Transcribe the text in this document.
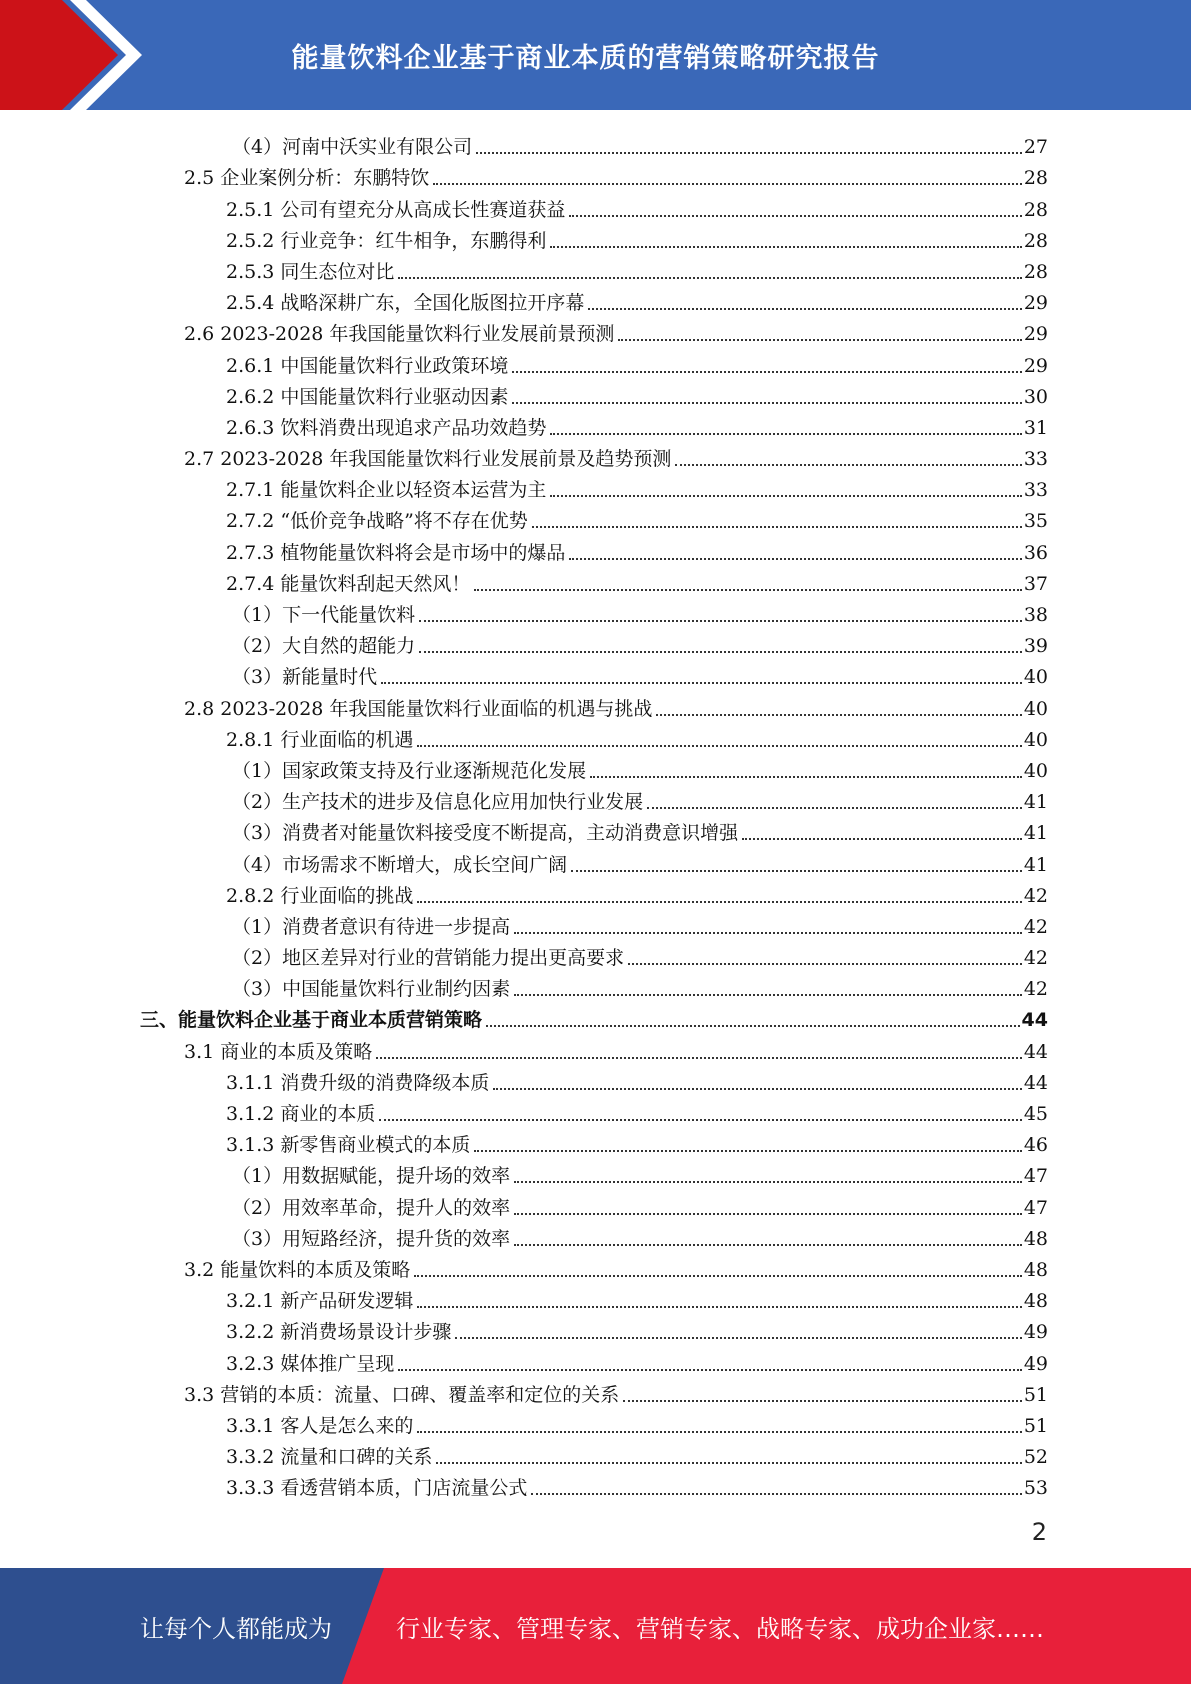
能量饮料企业基于商业本质的营销策略研究报告
（4）河南中沃实业有限公司	27
2.5 企业案例分析：东鹏特饮	28
2.5.1 公司有望充分从高成长性赛道获益	28
2.5.2 行业竞争：红牛相争，东鹏得利	28
2.5.3 同生态位对比	28
2.5.4 战略深耕广东，全国化版图拉开序幕	29
2.6 2023-2028 年我国能量饮料行业发展前景预测	29
2.6.1 中国能量饮料行业政策环境	29
2.6.2 中国能量饮料行业驱动因素	30
2.6.3 饮料消费出现追求产品功效趋势	31
2.7 2023-2028 年我国能量饮料行业发展前景及趋势预测	33
2.7.1 能量饮料企业以轻资本运营为主	33
2.7.2 “低价竞争战略”将不存在优势	35
2.7.3 植物能量饮料将会是市场中的爆品	36
2.7.4 能量饮料刮起天然风！	37
（1）下一代能量饮料	38
（2）大自然的超能力	39
（3）新能量时代	40
2.8 2023-2028 年我国能量饮料行业面临的机遇与挑战	40
2.8.1 行业面临的机遇	40
（1）国家政策支持及行业逐渐规范化发展	40
（2）生产技术的进步及信息化应用加快行业发展	41
（3）消费者对能量饮料接受度不断提高，主动消费意识增强	41
（4）市场需求不断增大，成长空间广阔	41
2.8.2 行业面临的挑战	42
（1）消费者意识有待进一步提高	42
（2）地区差异对行业的营销能力提出更高要求	42
（3）中国能量饮料行业制约因素	42
三、能量饮料企业基于商业本质营销策略	44
3.1 商业的本质及策略	44
3.1.1 消费升级的消费降级本质	44
3.1.2 商业的本质	45
3.1.3 新零售商业模式的本质	46
（1）用数据赋能，提升场的效率	47
（2）用效率革命，提升人的效率	47
（3）用短路经济，提升货的效率	48
3.2 能量饮料的本质及策略	48
3.2.1 新产品研发逻辑	48
3.2.2 新消费场景设计步骤	49
3.2.3 媒体推广呈现	49
3.3 营销的本质：流量、口碑、覆盖率和定位的关系	51
3.3.1 客人是怎么来的	51
3.3.2 流量和口碑的关系	52
3.3.3 看透营销本质，门店流量公式	53
2
让每个人都能成为	行业专家、管理专家、营销专家、战略专家、成功企业家……
